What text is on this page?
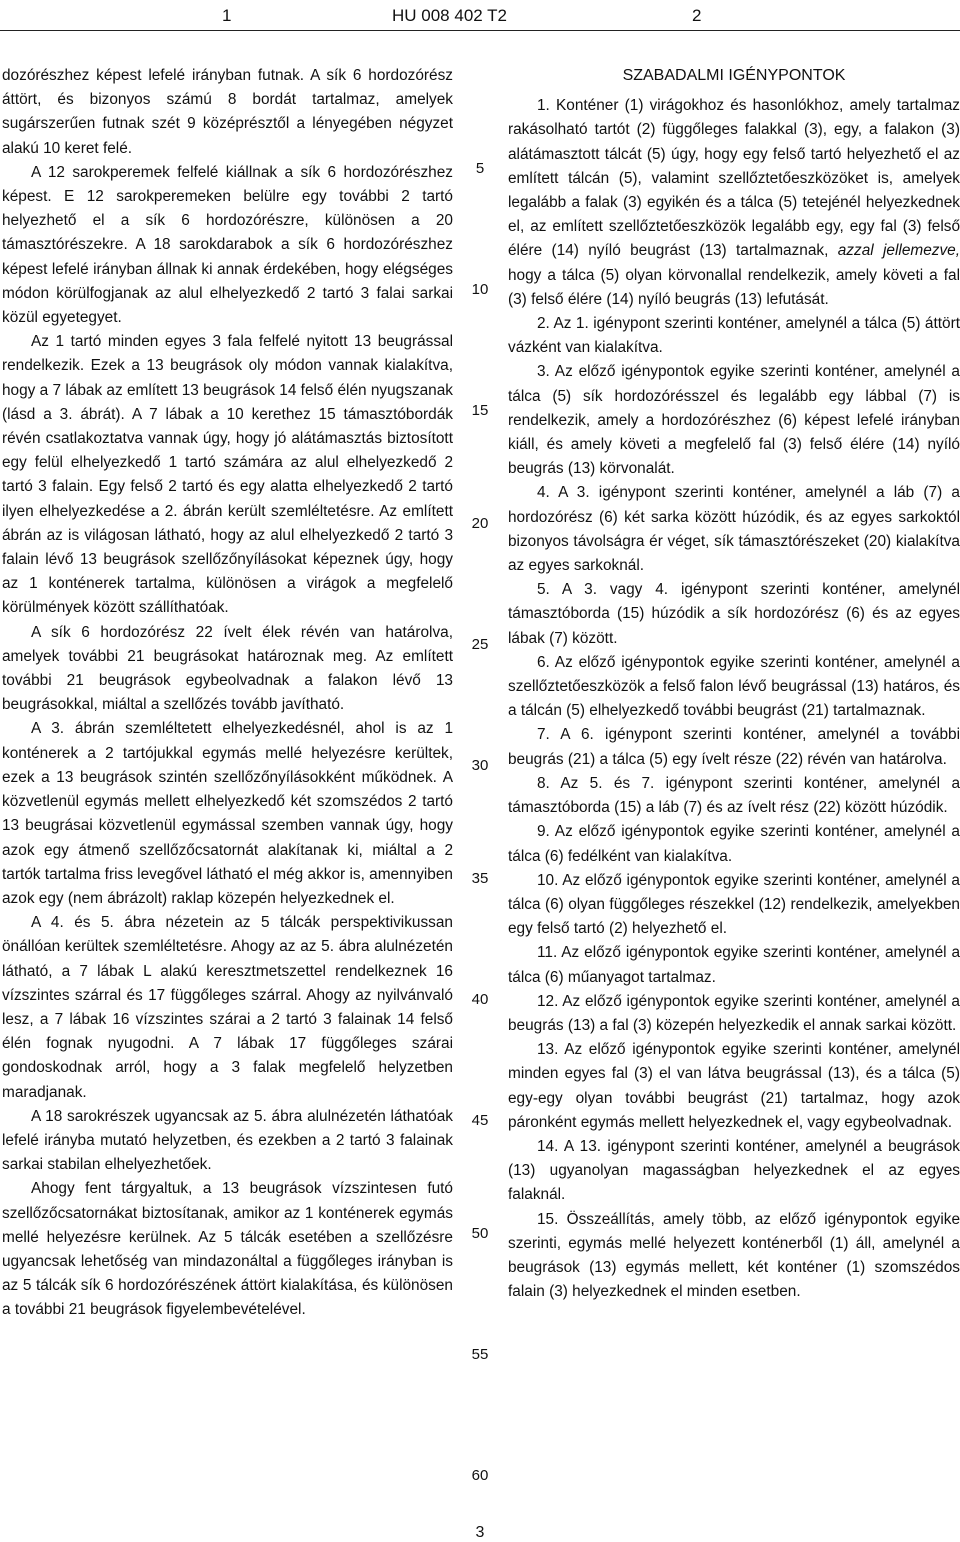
1	HU 008 402 T2	2

dozórészhez képest lefelé irányban futnak. A sík 6 hordozórész áttört, és bizonyos számú 8 bordát tartalmaz, amelyek sugárszerűen futnak szét 9 középrésztől a lényegében négyzet alakú 10 keret felé.

A 12 sarokperemek felfelé kiállnak a sík 6 hordozórészhez képest. E 12 sarokperemeken belülre egy további 2 tartó helyezhető el a sík 6 hordozórészre, különösen a 20 támasztórészekre. A 18 sarokdarabok a sík 6 hordozórészhez képest lefelé irányban állnak ki annak érdekében, hogy elégséges módon körülfogjanak az alul elhelyezkedő 2 tartó 3 falai sarkai közül egyetegyet.

Az 1 tartó minden egyes 3 fala felfelé nyitott 13 beugrással rendelkezik. Ezek a 13 beugrások oly módon vannak kialakítva, hogy a 7 lábak az említett 13 beugrások 14 felső élén nyugszanak (lásd a 3. ábrát). A 7 lábak a 10 kerethez 15 támasztóbordák révén csatlakoztatva vannak úgy, hogy jó alátámasztás biztosított egy felül elhelyezkedő 1 tartó számára az alul elhelyezkedő 2 tartó 3 falain. Egy felső 2 tartó és egy alatta elhelyezkedő 2 tartó ilyen elhelyezkedése a 2. ábrán került szemléltetésre. Az említett ábrán az is világosan látható, hogy az alul elhelyezkedő 2 tartó 3 falain lévő 13 beugrások szellőzőnyílásokat képeznek úgy, hogy az 1 konténerek tartalma, különösen a virágok a megfelelő körülmények között szállíthatóak.

A sík 6 hordozórész 22 ívelt élek révén van határolva, amelyek további 21 beugrásokat határoznak meg. Az említett további 21 beugrások egybeolvadnak a falakon lévő 13 beugrásokkal, miáltal a szellőzés tovább javítható.

A 3. ábrán szemléltetett elhelyezkedésnél, ahol is az 1 konténerek a 2 tartójukkal egymás mellé helyezésre kerültek, ezek a 13 beugrások szintén szellőzőnyílásokként működnek. A közvetlenül egymás mellett elhelyezkedő két szomszédos 2 tartó 13 beugrásai közvetlenül egymással szemben vannak úgy, hogy azok egy átmenő szellőzőcsatornát alakítanak ki, miáltal a 2 tartók tartalma friss levegővel látható el még akkor is, amennyiben azok egy (nem ábrázolt) raklap közepén helyezkednek el.

A 4. és 5. ábra nézetein az 5 tálcák perspektivikussan önállóan kerültek szemléltetésre. Ahogy az az 5. ábra alulnézetén látható, a 7 lábak L alakú keresztmetszettel rendelkeznek 16 vízszintes szárral és 17 függőleges szárral. Ahogy az nyilvánvaló lesz, a 7 lábak 16 vízszintes szárai a 2 tartó 3 falainak 14 felső élén fognak nyugodni. A 7 lábak 17 függőleges szárai gondoskodnak arról, hogy a 3 falak megfelelő helyzetben maradjanak.

A 18 sarokrészek ugyancsak az 5. ábra alulnézetén láthatóak lefelé irányba mutató helyzetben, és ezekben a 2 tartó 3 falainak sarkai stabilan elhelyezhetőek.

Ahogy fent tárgyaltuk, a 13 beugrások vízszintesen futó szellőzőcsatornákat biztosítanak, amikor az 1 konténerek egymás mellé helyezésre kerülnek. Az 5 tálcák esetében a szellőzésre ugyancsak lehetőség van mindazonáltal a függőleges irányban is az 5 tálcák sík 6 hordozórészének áttört kialakítása, és különösen a további 21 beugrások figyelembevételével.

SZABADALMI IGÉNYPONTOK

1. Konténer (1) virágokhoz és hasonlókhoz, amely tartalmaz rakásolható tartót (2) függőleges falakkal (3), egy, a falakon (3) alátámasztott tálcát (5) úgy, hogy egy felső tartó helyezhető el az említett tálcán (5), valamint szellőztetőeszközöket is, amelyek legalább a falak (3) egyikén és a tálca (5) tetejénél helyezkednek el, az említett szellőztetőeszközök legalább egy, egy fal (3) felső élére (14) nyíló beugrást (13) tartalmaznak, azzal jellemezve, hogy a tálca (5) olyan körvonallal rendelkezik, amely követi a fal (3) felső élére (14) nyíló beugrás (13) lefutását.

2. Az 1. igénypont szerinti konténer, amelynél a tálca (5) áttört vázként van kialakítva.

3. Az előző igénypontok egyike szerinti konténer, amelynél a tálca (5) sík hordozórésszel és legalább egy lábbal (7) is rendelkezik, amely a hordozórészhez (6) képest lefelé irányban kiáll, és amely követi a megfelelő fal (3) felső élére (14) nyíló beugrás (13) körvonalát.

4. A 3. igénypont szerinti konténer, amelynél a láb (7) a hordozórész (6) két sarka között húzódik, és az egyes sarkoktól bizonyos távolságra ér véget, sík támasztórészeket (20) kialakítva az egyes sarkoknál.

5. A 3. vagy 4. igénypont szerinti konténer, amelynél támasztóborda (15) húzódik a sík hordozórész (6) és az egyes lábak (7) között.

6. Az előző igénypontok egyike szerinti konténer, amelynél a szellőztetőeszközök a felső falon lévő beugrással (13) határos, és a tálcán (5) elhelyezkedő további beugrást (21) tartalmaznak.

7. A 6. igénypont szerinti konténer, amelynél a további beugrás (21) a tálca (5) egy ívelt része (22) révén van határolva.

8. Az 5. és 7. igénypont szerinti konténer, amelynél a támasztóborda (15) a láb (7) és az ívelt rész (22) között húzódik.

9. Az előző igénypontok egyike szerinti konténer, amelynél a tálca (6) fedélként van kialakítva.

10. Az előző igénypontok egyike szerinti konténer, amelynél a tálca (6) olyan függőleges részekkel (12) rendelkezik, amelyekben egy felső tartó (2) helyezhető el.

11. Az előző igénypontok egyike szerinti konténer, amelynél a tálca (6) műanyagot tartalmaz.

12. Az előző igénypontok egyike szerinti konténer, amelynél a beugrás (13) a fal (3) közepén helyezkedik el annak sarkai között.

13. Az előző igénypontok egyike szerinti konténer, amelynél minden egyes fal (3) el van látva beugrással (13), és a tálca (5) egy-egy olyan további beugrást (21) tartalmaz, hogy azok páronként egymás mellett helyezkednek el, vagy egybeolvadnak.

14. A 13. igénypont szerinti konténer, amelynél a beugrások (13) ugyanolyan magasságban helyezkednek el az egyes falaknál.

15. Összeállítás, amely több, az előző igénypontok egyike szerinti, egymás mellé helyezett konténerből (1) áll, amelynél a beugrások (13) egymás mellett, két konténer (1) szomszédos falain (3) helyezkednek el minden esetben.

5
10
15
20
25
30
35
40
45
50
55
60
3
